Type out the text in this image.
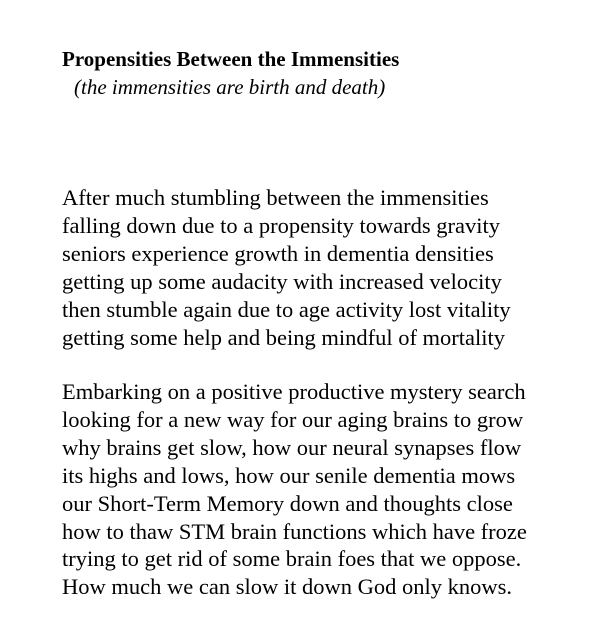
Propensities Between the Immensities
(the immensities are birth and death)
After much stumbling between the immensities
falling down due to a propensity towards gravity
seniors experience growth in dementia densities
getting up some audacity with increased velocity
then stumble again due to age activity lost vitality
getting some help and being mindful of mortality
Embarking on a positive productive mystery search
looking for a new way for our aging brains to grow
why brains get slow, how our neural synapses flow
its highs and lows, how our senile dementia mows
our Short-Term Memory down and thoughts close
how to thaw STM brain functions which have froze
trying to get rid of some brain foes that we oppose.
How much we can slow it down God only knows.
